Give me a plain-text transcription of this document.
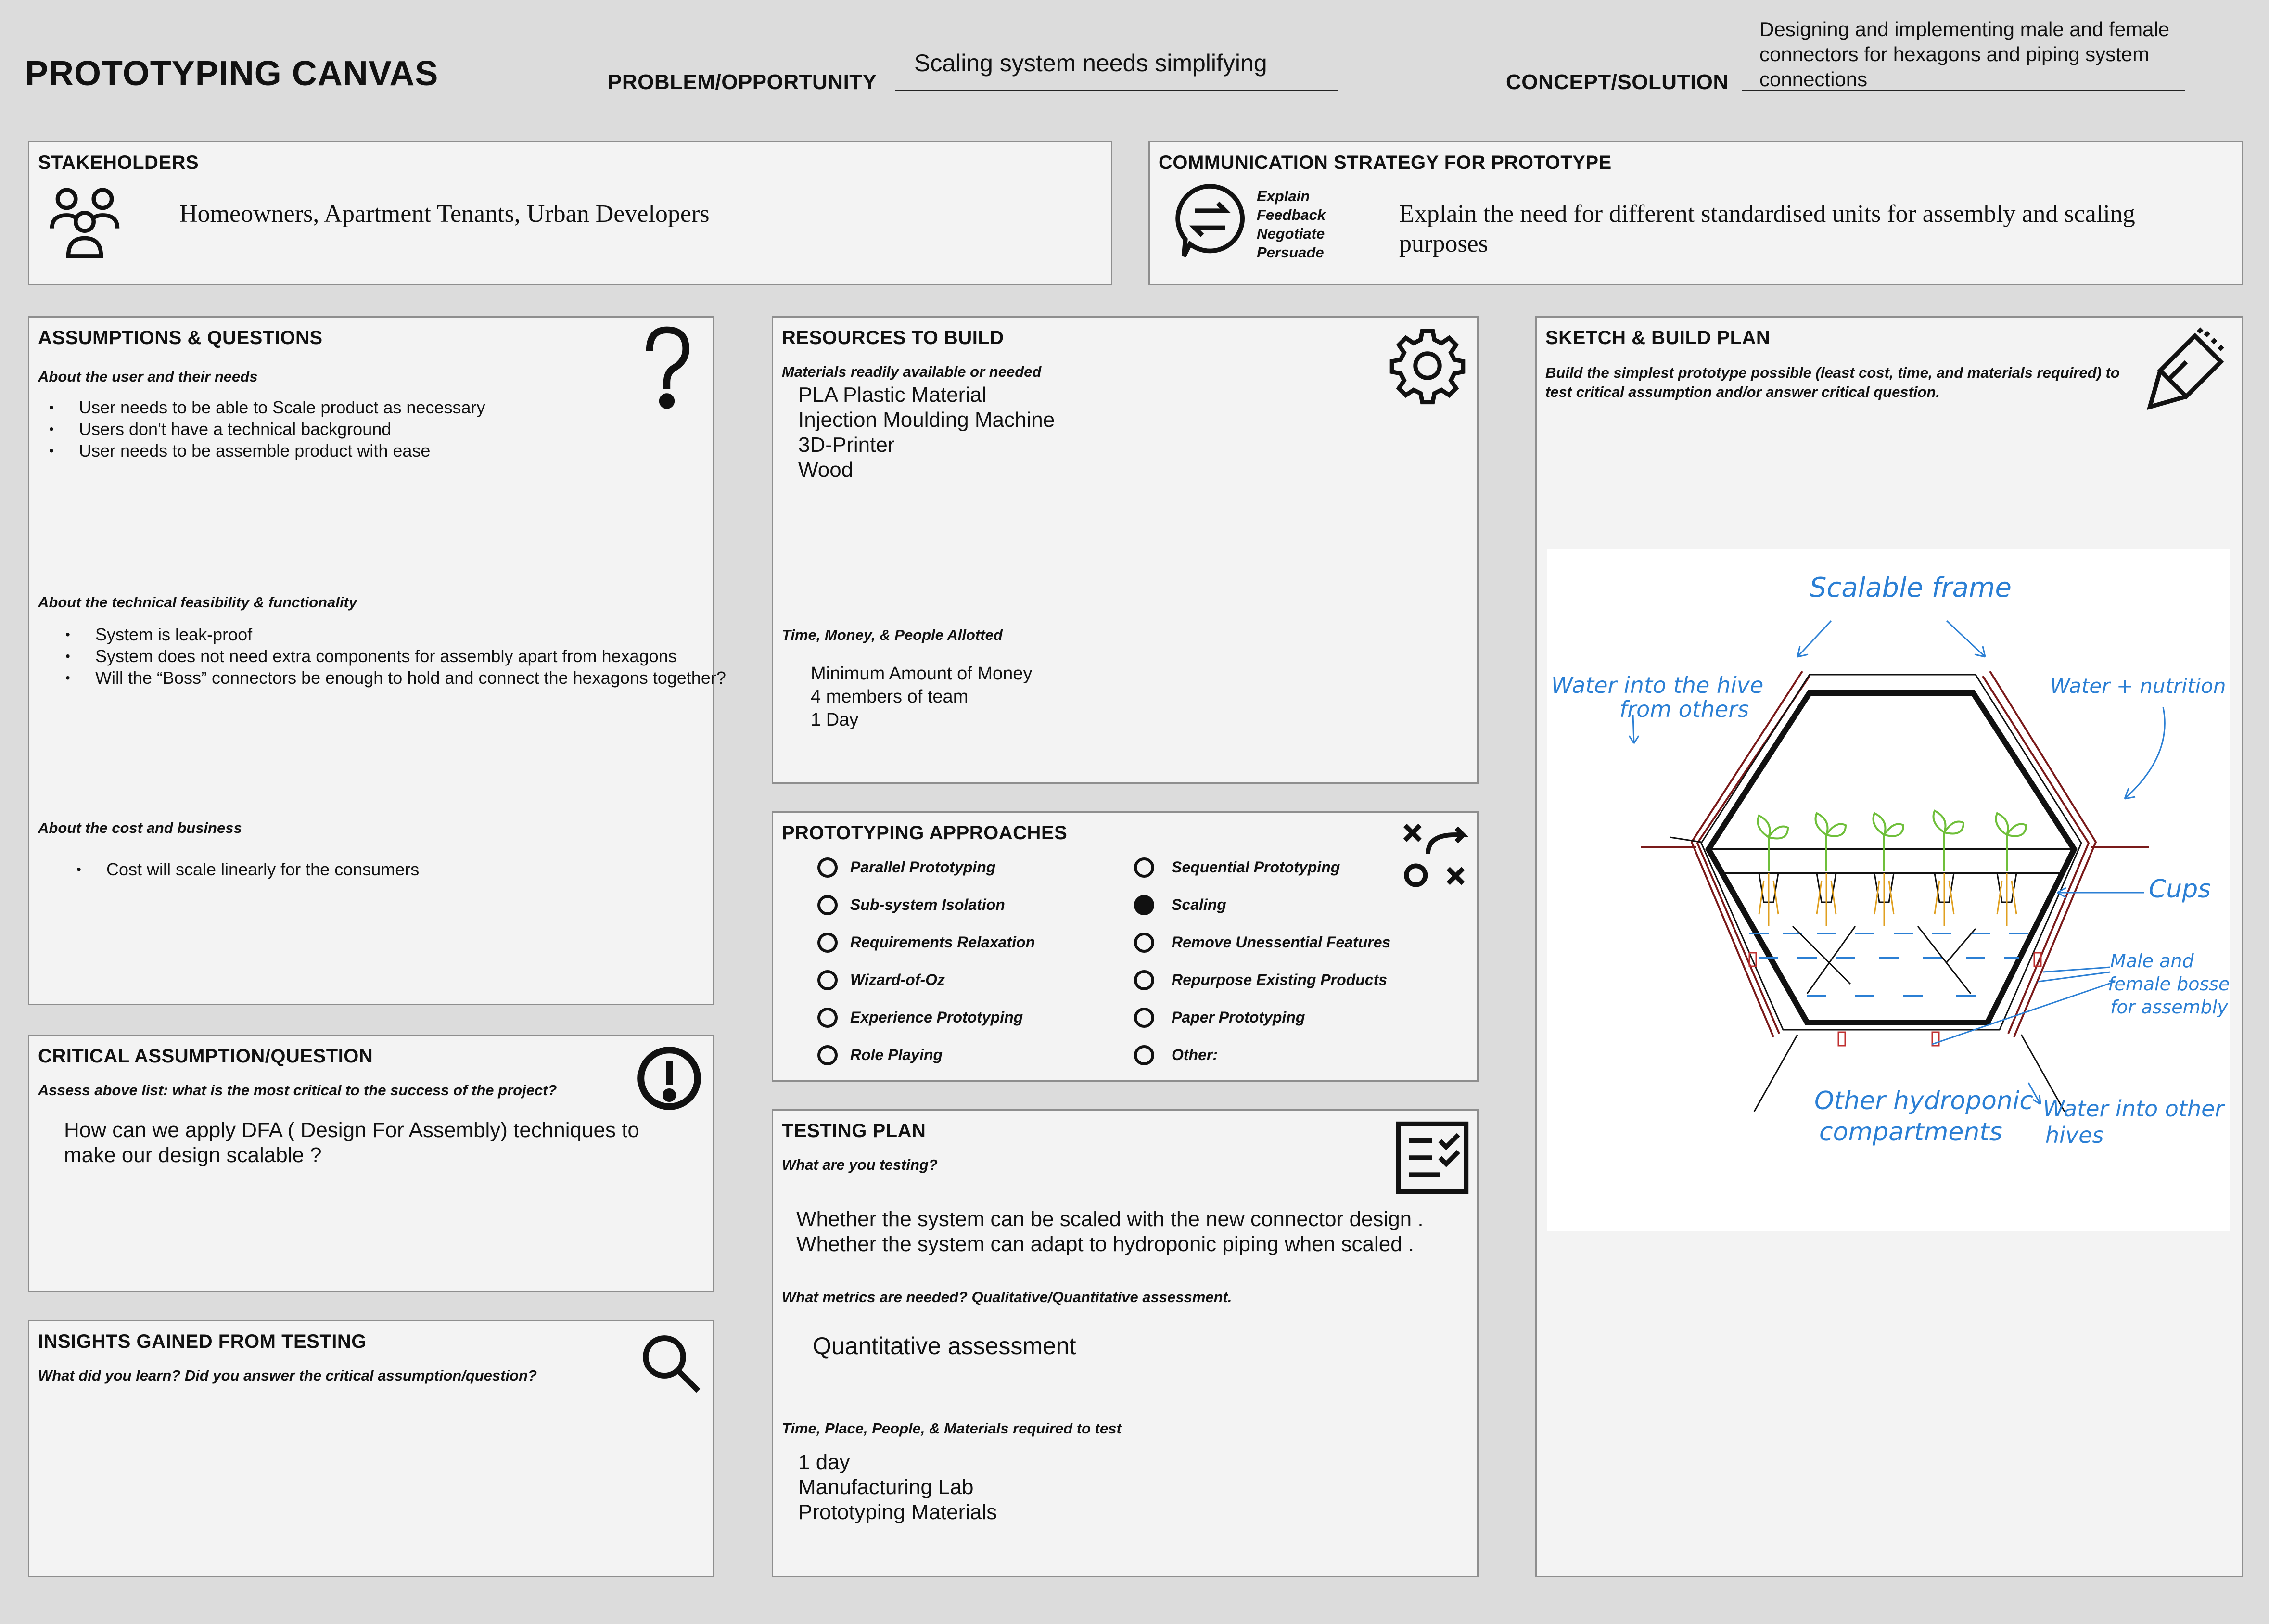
PROTOTYPING CANVAS	PROBLEM/OPPORTUNITY
Scaling system needs simplifying
CONCEPT/SOLUTION
Designing and implementing male and female connectors for hexagons and piping system connections
STAKEHOLDERS
Homeowners, Apartment Tenants, Urban Developers
COMMUNICATION STRATEGY FOR PROTOTYPE
Explain
Feedback
Negotiate
Persuade
Explain the need for different standardised units for assembly and scaling purposes
ASSUMPTIONS & QUESTIONS
About the user and their needs
• User needs to be able to Scale product as necessary
• Users don't have a technical background
• User needs to be assemble product with ease
About the technical feasibility & functionality
• System is leak-proof
• System does not need extra components for assembly apart from hexagons
• Will the “Boss” connectors be enough to hold and connect the hexagons together?
About the cost and business
• Cost will scale linearly for the consumers
CRITICAL ASSUMPTION/QUESTION
Assess above list: what is the most critical to the success of the project?
How can we apply DFA ( Design For Assembly) techniques to make our design scalable ?
INSIGHTS GAINED FROM TESTING
What did you learn? Did you answer the critical assumption/question?
RESOURCES TO BUILD
Materials readily available or needed
PLA Plastic Material
Injection Moulding Machine
3D-Printer
Wood
Time, Money, & People Allotted
Minimum Amount of Money
4 members of team
1 Day
PROTOTYPING APPROACHES
Parallel Prototyping
Sub-system Isolation
Requirements Relaxation
Wizard-of-Oz
Experience Prototyping
Role Playing
Sequential Prototyping
Scaling
Remove Unessential Features
Repurpose Existing Products
Paper Prototyping
Other:
TESTING PLAN
What are you testing?
Whether the system can be scaled with the new connector design .
Whether the system can adapt to hydroponic piping when scaled .
What metrics are needed? Qualitative/Quantitative assessment.
Quantitative assessment
Time, Place, People, & Materials required to test
1 day
Manufacturing Lab
Prototyping Materials
SKETCH & BUILD PLAN
Build the simplest prototype possible (least cost, time, and materials required) to test critical assumption and/or answer critical question.
Scalable frame
Water into the hive
from others
Water + nutrition
Cups
Male and
female bosses
for assembly
Other hydroponic
compartments
Water into other
hives
